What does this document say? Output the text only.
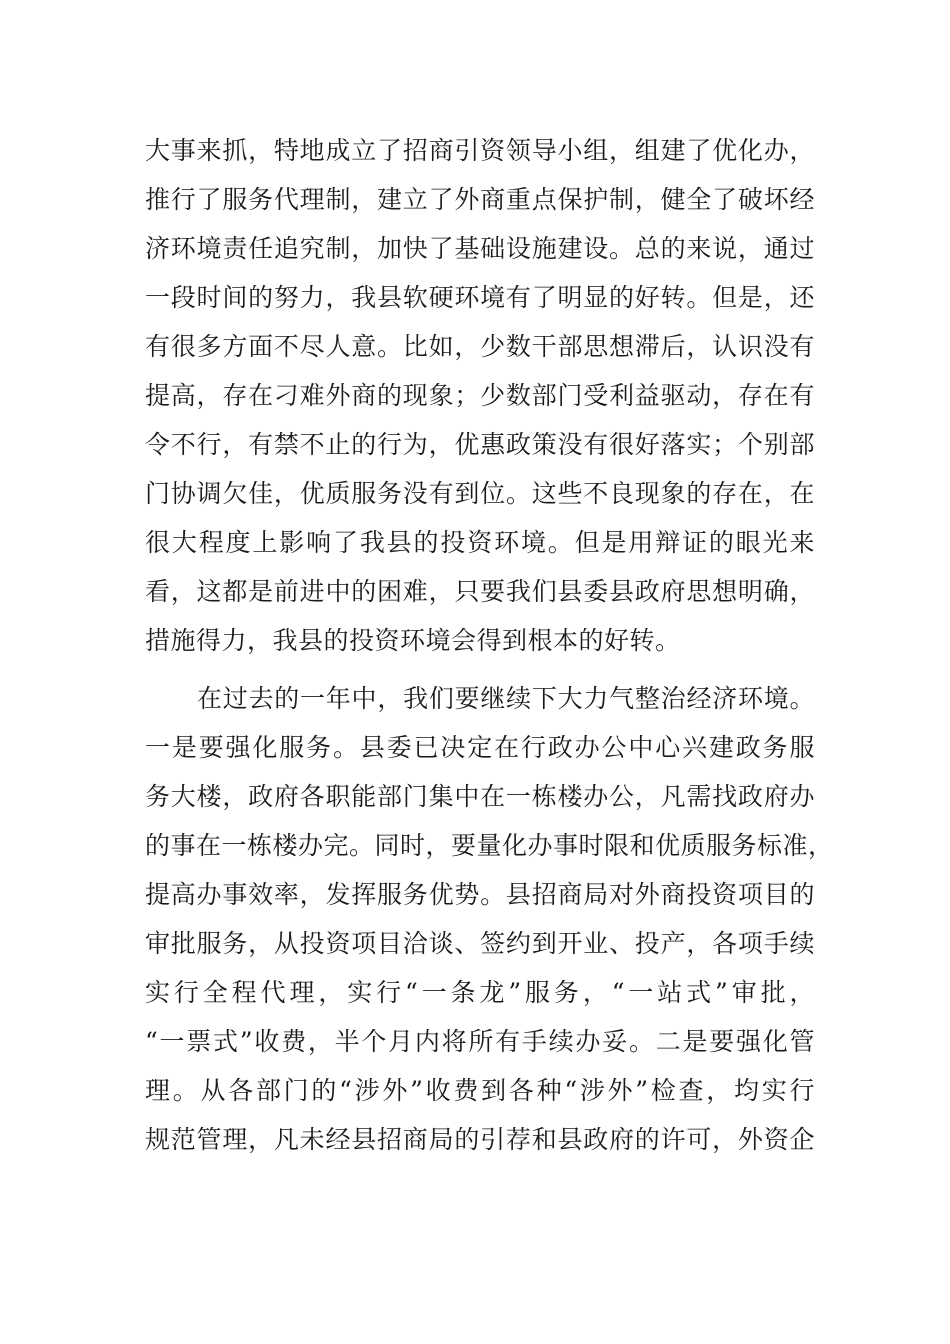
大事来抓，特地成立了招商引资领导小组，组建了优化办，
推行了服务代理制，建立了外商重点保护制，健全了破坏经
济环境责任追究制，加快了基础设施建设。总的来说，通过
一段时间的努力，我县软硬环境有了明显的好转。但是，还
有很多方面不尽人意。比如，少数干部思想滞后，认识没有
提高，存在刁难外商的现象；少数部门受利益驱动，存在有
令不行，有禁不止的行为，优惠政策没有很好落实；个别部
门协调欠佳，优质服务没有到位。这些不良现象的存在，在
很大程度上影响了我县的投资环境。但是用辩证的眼光来
看，这都是前进中的困难，只要我们县委县政府思想明确，
措施得力，我县的投资环境会得到根本的好转。
在过去的一年中，我们要继续下大力气整治经济环境。
一是要强化服务。县委已决定在行政办公中心兴建政务服
务大楼，政府各职能部门集中在一栋楼办公，凡需找政府办
的事在一栋楼办完。同时，要量化办事时限和优质服务标准，
提高办事效率，发挥服务优势。县招商局对外商投资项目的
审批服务，从投资项目洽谈、签约到开业、投产，各项手续
实行全程代理，实行“一条龙”服务，“一站式”审批，
“一票式”收费，半个月内将所有手续办妥。二是要强化管
理。从各部门的“涉外”收费到各种“涉外”检查，均实行
规范管理，凡未经县招商局的引荐和县政府的许可，外资企
